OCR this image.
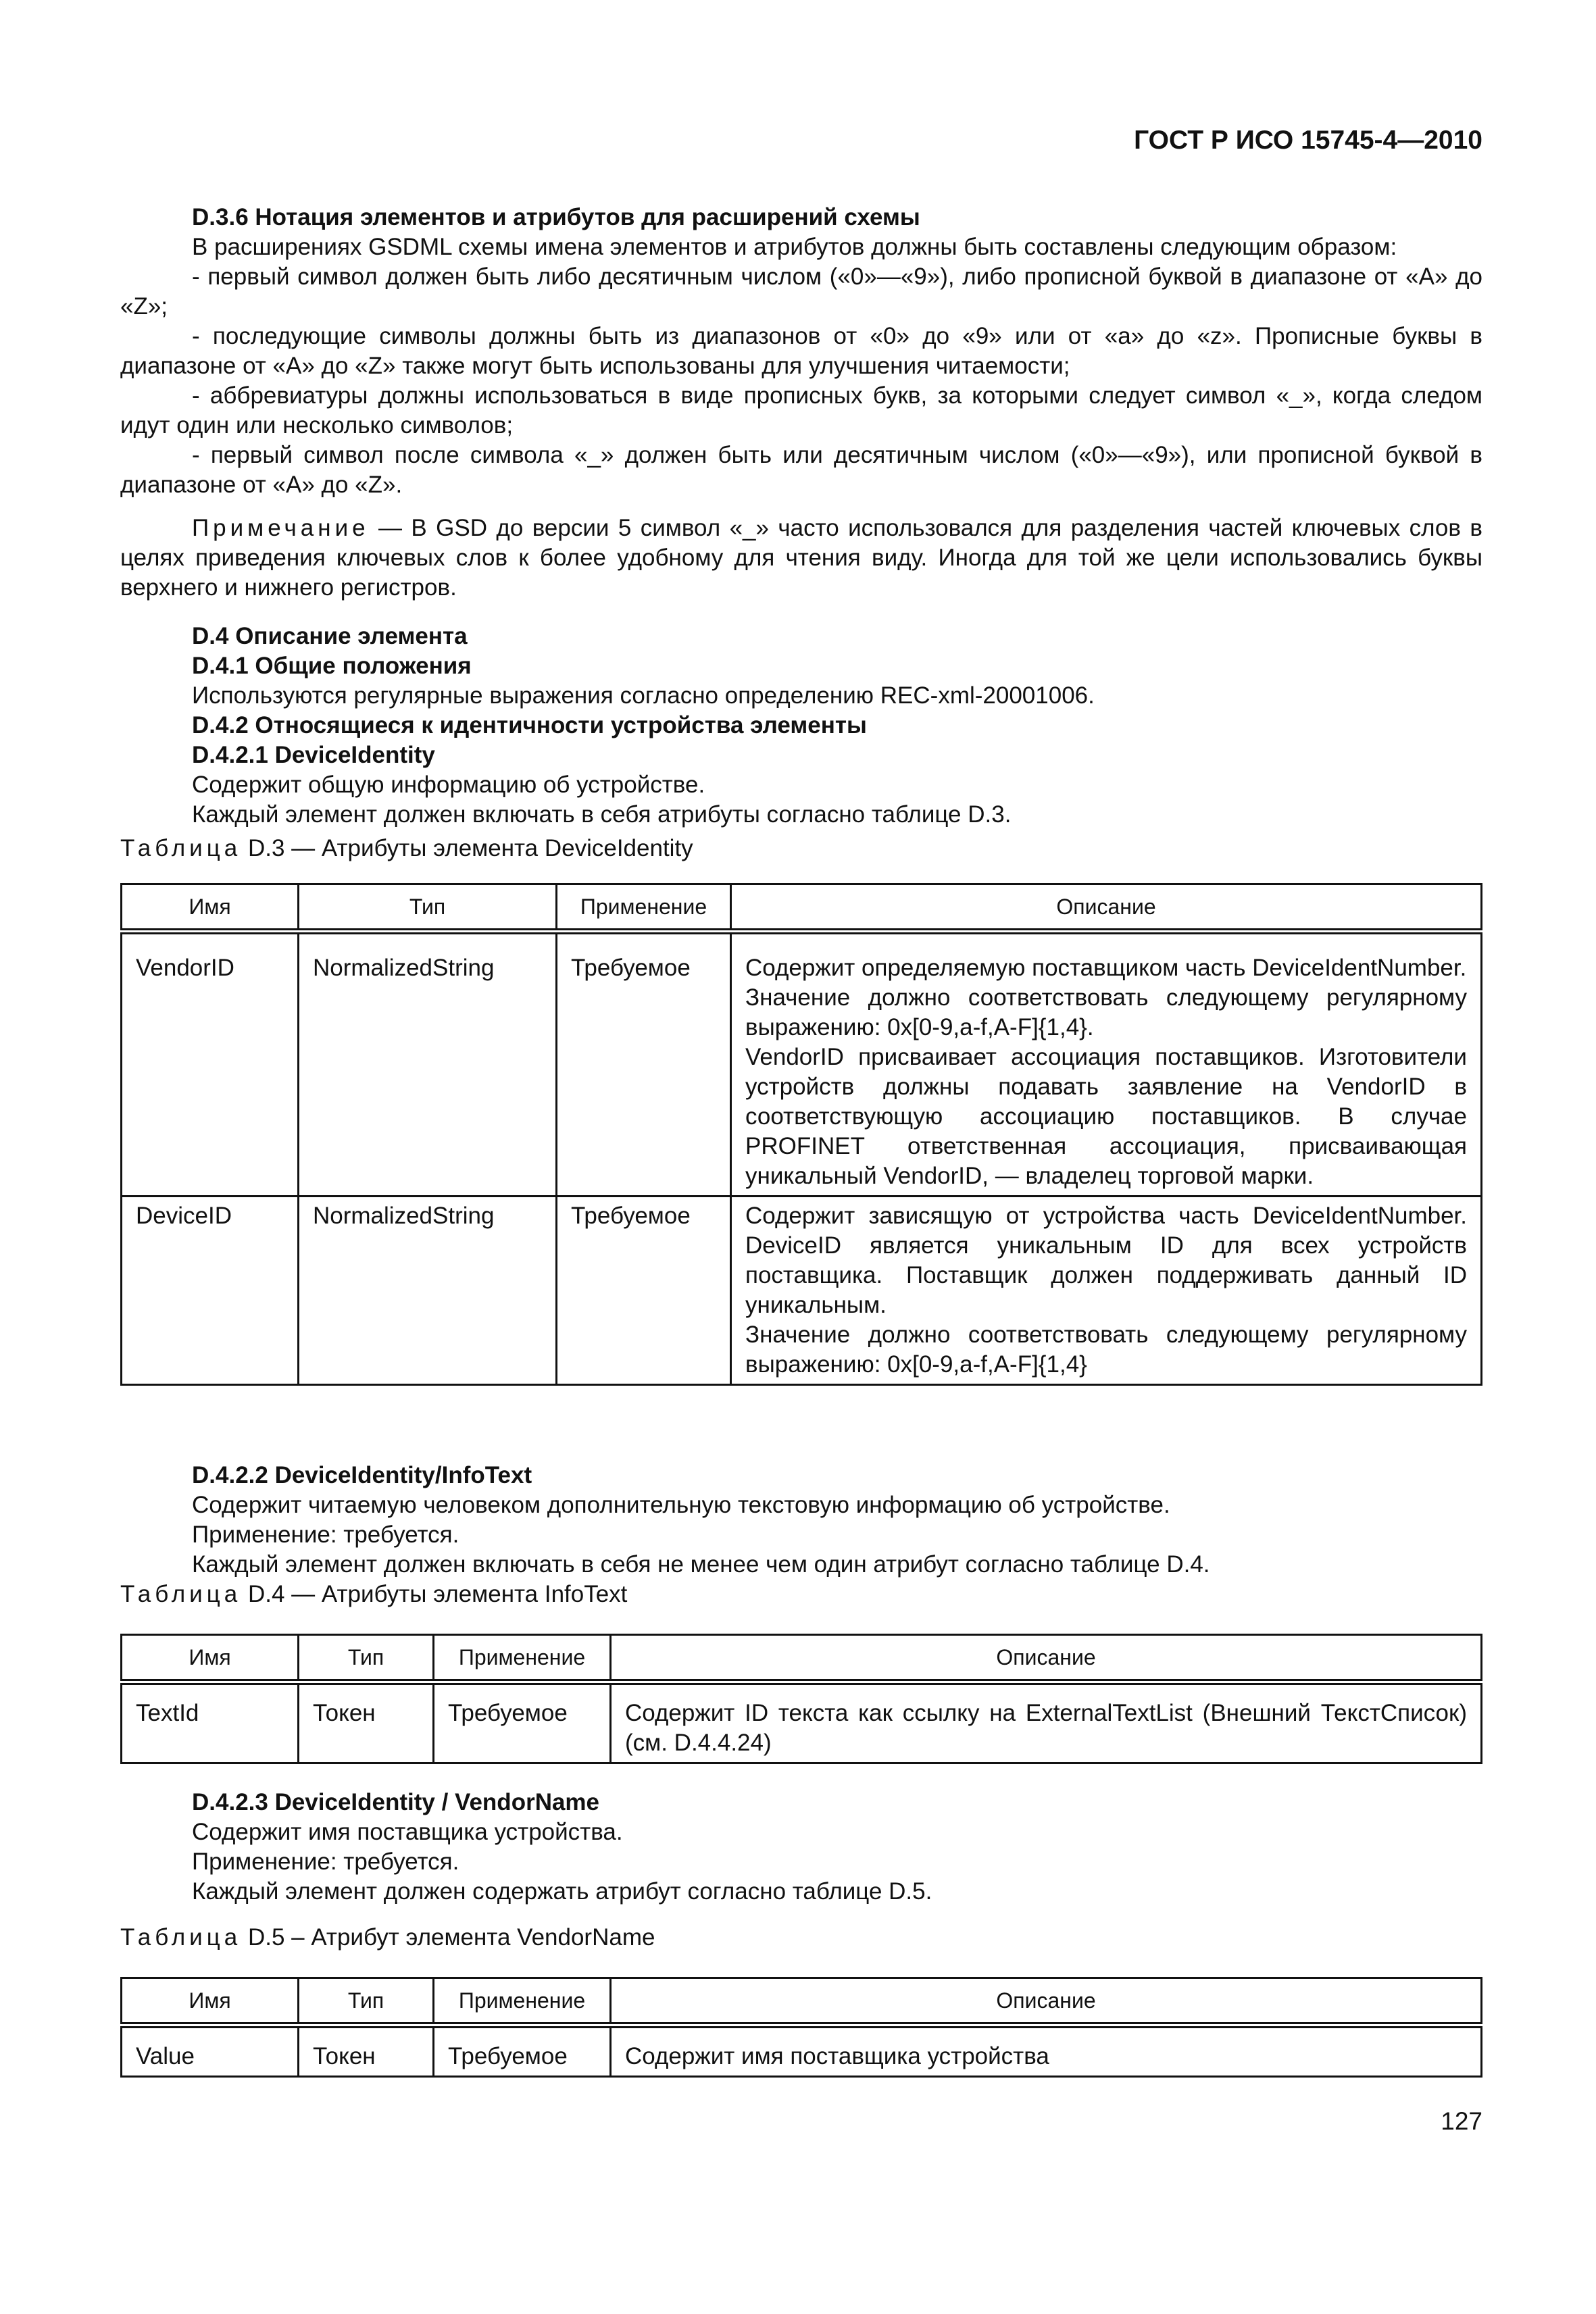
ГОСТ Р ИСО 15745-4—2010

D.3.6 Нотация элементов и атрибутов для расширений схемы

В расширениях GSDML схемы имена элементов и атрибутов должны быть составлены следующим образом:

- первый символ должен быть либо десятичным числом («0»—«9»), либо прописной буквой в диапазоне от «А» до «Z»;

- последующие символы должны быть из диапазонов от «0» до «9» или от «а» до «z». Прописные буквы в диапазоне от «А» до «Z» также могут быть использованы для улучшения читаемости;

- аббревиатуры должны использоваться в виде прописных букв, за которыми следует символ «_», когда следом идут один или несколько символов;

- первый символ после символа «_» должен быть или десятичным числом («0»—«9»), или прописной буквой в диапазоне от «А» до «Z».

Примечание — В GSD до версии 5 символ «_» часто использовался для разделения частей ключевых слов в целях приведения ключевых слов к более удобному для чтения виду. Иногда для той же цели использовались буквы верхнего и нижнего регистров.

D.4 Описание элемента

D.4.1 Общие положения

Используются регулярные выражения согласно определению REC-xml-20001006.

D.4.2 Относящиеся к идентичности устройства элементы

D.4.2.1 DeviceIdentity

Содержит общую информацию об устройстве.

Каждый элемент должен включать в себя атрибуты согласно таблице D.3.

Таблица D.3 — Атрибуты элемента DeviceIdentity

Имя	Тип	Применение	Описание
VendorID	NormalizedString	Требуемое	Содержит определяемую поставщиком часть DeviceIdentNumber.
Значение должно соответствовать следующему регулярному выражению: 0x[0-9,a-f,A-F]{1,4}.
VendorID присваивает ассоциация поставщиков. Изготовители устройств должны подавать заявление на VendorID в соответствующую ассоциацию поставщиков. В случае PROFINET ответственная ассоциация, присваивающая уникальный VendorID, — владелец торговой марки.

DeviceID	NormalizedString	Требуемое	Содержит зависящую от устройства часть DeviceIdentNumber. DeviceID является уникальным ID для всех устройств поставщика. Поставщик должен поддерживать данный ID уникальным.
Значение должно соответствовать следующему регулярному выражению: 0x[0-9,a-f,A-F]{1,4}

D.4.2.2 DeviceIdentity/InfoText

Содержит читаемую человеком дополнительную текстовую информацию об устройстве.

Применение: требуется.

Каждый элемент должен включать в себя не менее чем один атрибут согласно таблице D.4.

Таблица D.4 — Атрибуты элемента InfoText

Имя	Тип	Применение	Описание
TextId	Токен	Требуемое	Содержит ID текста как ссылку на ExternalTextList (Внешний ТекстСписок) (см. D.4.4.24)

D.4.2.3 DeviceIdentity / VendorName

Содержит имя поставщика устройства.

Применение: требуется.

Каждый элемент должен содержать атрибут согласно таблице D.5.

Таблица D.5 – Атрибут элемента VendorName

Имя	Тип	Применение	Описание
Value	Токен	Требуемое	Содержит имя поставщика устройства
127
